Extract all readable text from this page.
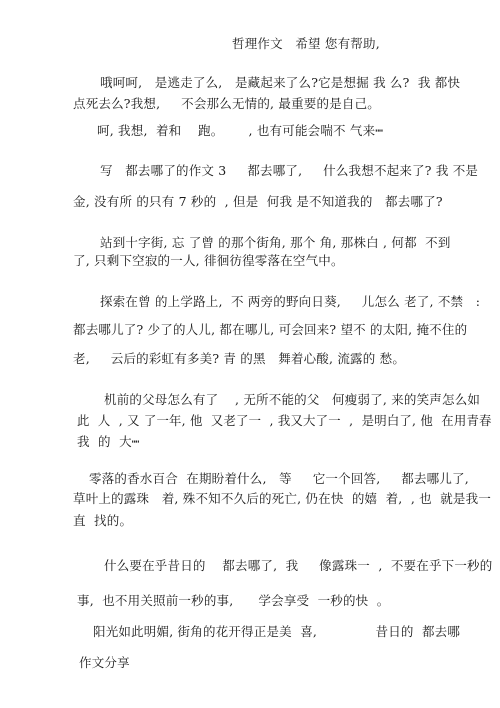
哲理作文   希望 您有帮助,
哦呵呵,   是逃走了么,   是藏起来了么?它是想掘 我 么?  我 都快
点死去么?我想,     不会那么无情的, 最重要的是自己。
呵, 我想,  着和    跑。      , 也有可能会喘不 气来┉
写   都去哪了的作文 3     都去哪了,     什么我想不起来了? 我 不是
金, 没有所 的只有 7 秒的  , 但是  何我 是不知道我的   都去哪了?
站到十字街, 忘 了曾 的那个街角, 那个 角, 那株白 , 何都  不到
了, 只剩下空寂的一人, 徘徊彷徨零落在空气中。
探索在曾 的上学路上,  不 两旁的野向日葵,     儿怎么 老了, 不禁   :
都去哪儿了? 少了的人儿, 都在哪儿, 可会回来? 望不 的太阳, 掩不住的
老,     云后的彩虹有多美? 青 的黑   舞着心酸, 流露的 愁。
机前的父母怎么有了    , 无所不能的父   何瘦弱了, 来的笑声怎么如
此  人  , 又 了一年, 他  又老了一  , 我又大了一  ,  是明白了, 他  在用青春
我  的  大┉
零落的香水百合  在期盼着什么,   等     它一个回答,     都去哪儿了,
草叶上的露珠   着, 殊不知不久后的死亡, 仍在快  的嬉  着,  , 也  就是我一
直  找的。
什么要在乎昔日的    都去哪了,  我     像露珠一  ,  不要在乎下一秒的
事,  也不用关照前一秒的事,      学会享受  一秒的快  。
阳光如此明媚, 街角的花开得正是美  喜,              昔日的  都去哪
作文分享
